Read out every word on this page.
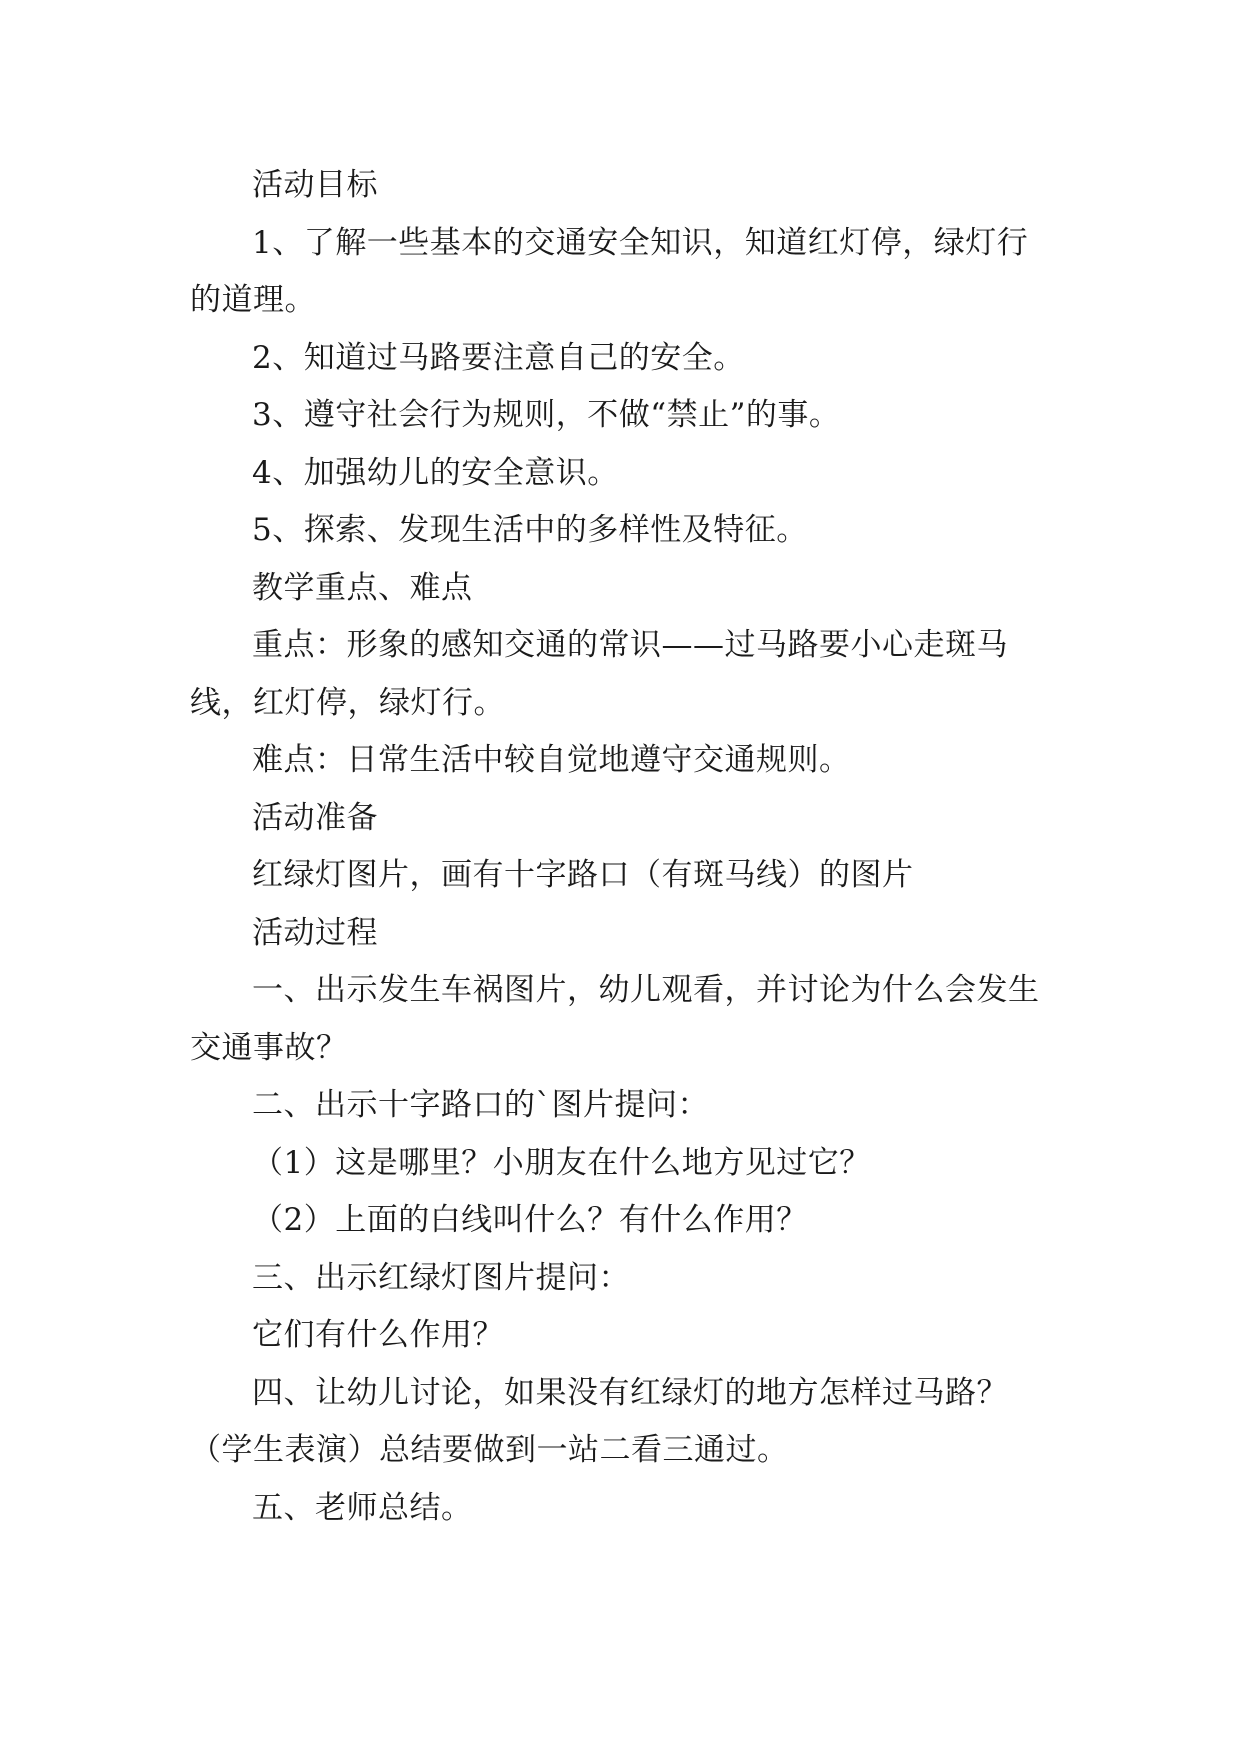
活动目标

1、了解一些基本的交通安全知识，知道红灯停，绿灯行的道理。

2、知道过马路要注意自己的安全。

3、遵守社会行为规则，不做“禁止”的事。

4、加强幼儿的安全意识。

5、探索、发现生活中的多样性及特征。

教学重点、难点

重点：形象的感知交通的常识——过马路要小心走斑马线，红灯停，绿灯行。

难点：日常生活中较自觉地遵守交通规则。

活动准备

红绿灯图片，画有十字路口（有斑马线）的图片

活动过程

一、出示发生车祸图片，幼儿观看，并讨论为什么会发生交通事故？

二、出示十字路口的`图片提问：

（1）这是哪里？小朋友在什么地方见过它？

（2）上面的白线叫什么？有什么作用？

三、出示红绿灯图片提问：

它们有什么作用？

四、让幼儿讨论，如果没有红绿灯的地方怎样过马路？（学生表演）总结要做到一站二看三通过。

五、老师总结。
